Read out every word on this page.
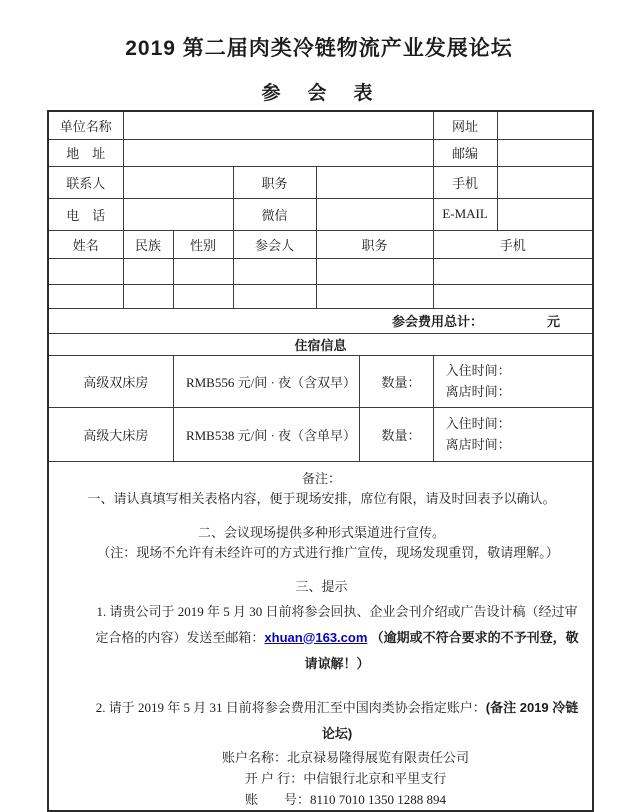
2019 第二届肉类冷链物流产业发展论坛
参　会　表
单位名称						网址	
地　址						邮编	
联系人			职务			手机	
电　话			微信			E-MAIL	
姓名	民族	性别	参会人	职务		手机	

参会费用总计： 元							

住宿信息							
高级双床房		RMB556 元/间 · 夜（含双早）			数量：	入住时间：
离店时间：	

高级大床房		RMB538 元/间 · 夜（含单早）			数量：	入住时间：
离店时间：	

备注：

一、请认真填写相关表格内容，便于现场安排，席位有限，请及时回表予以确认。

二、会议现场提供多种形式渠道进行宣传。

（注：现场不允许有未经许可的方式进行推广宣传，现场发现重罚，敬请理解。）

三、提示

1. 请贵公司于 2019 年 5 月 30 日前将参会回执、企业会刊介绍或广告设计稿（经过审定合格的内容）发送至邮箱：xhuan@163.com （逾期或不符合要求的不予刊登，敬请谅解！）

2. 请于 2019 年 5 月 31 日前将参会费用汇至中国肉类协会指定账户：(备注 2019 冷链论坛)

账户名称：北京禄易隆得展览有限责任公司

开 户 行：中信银行北京和平里支行

账　　号：8110 7010 1350 1288 894
